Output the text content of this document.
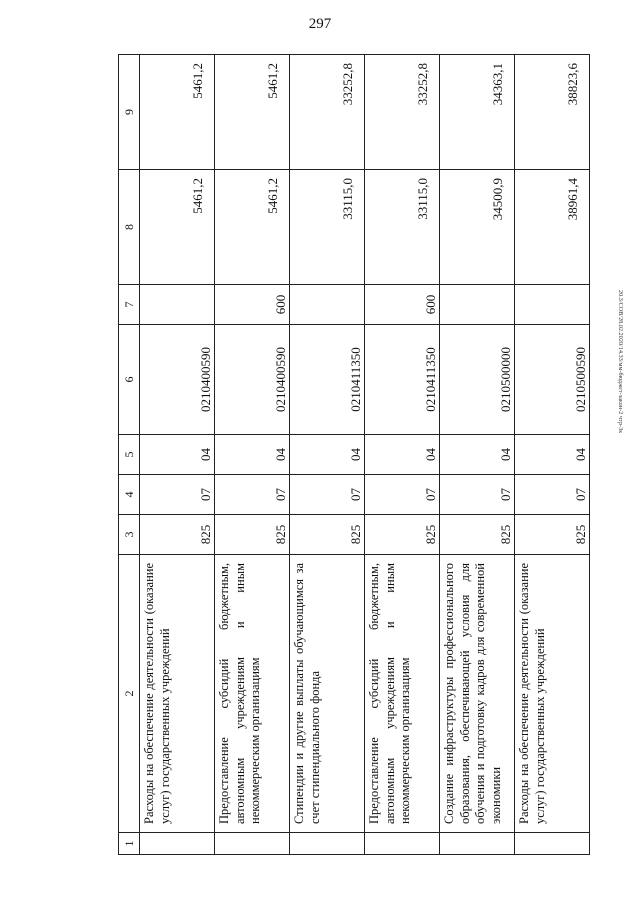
297
20.3/СОВ/28.02.2020/14.33/мм-бюджет-закон-2 чтр-3к
1	2	3	4	5	6	7	8	9
	Расходы на обеспечение деятельности (оказание услуг) государственных учреждений	825	07	04	0210400590		5461,2	5461,2
	Предоставление субсидий бюджетным, автономным учреждениям и иным некоммерческим организациям	825	07	04	0210400590	600	5461,2	5461,2
	Стипендии и другие выплаты обучающимся за счет стипендиального фонда	825	07	04	0210411350		33115,0	33252,8
	Предоставление субсидий бюджетным, автономным учреждениям и иным некоммерческим организациям	825	07	04	0210411350	600	33115,0	33252,8
	Создание инфраструктуры профессионального образования, обеспечивающей условия для обучения и подготовку кадров для современной экономики	825	07	04	0210500000		34500,9	34363,1
	Расходы на обеспечение деятельности (оказание услуг) государственных учреждений	825	07	04	0210500590		38961,4	38823,6
